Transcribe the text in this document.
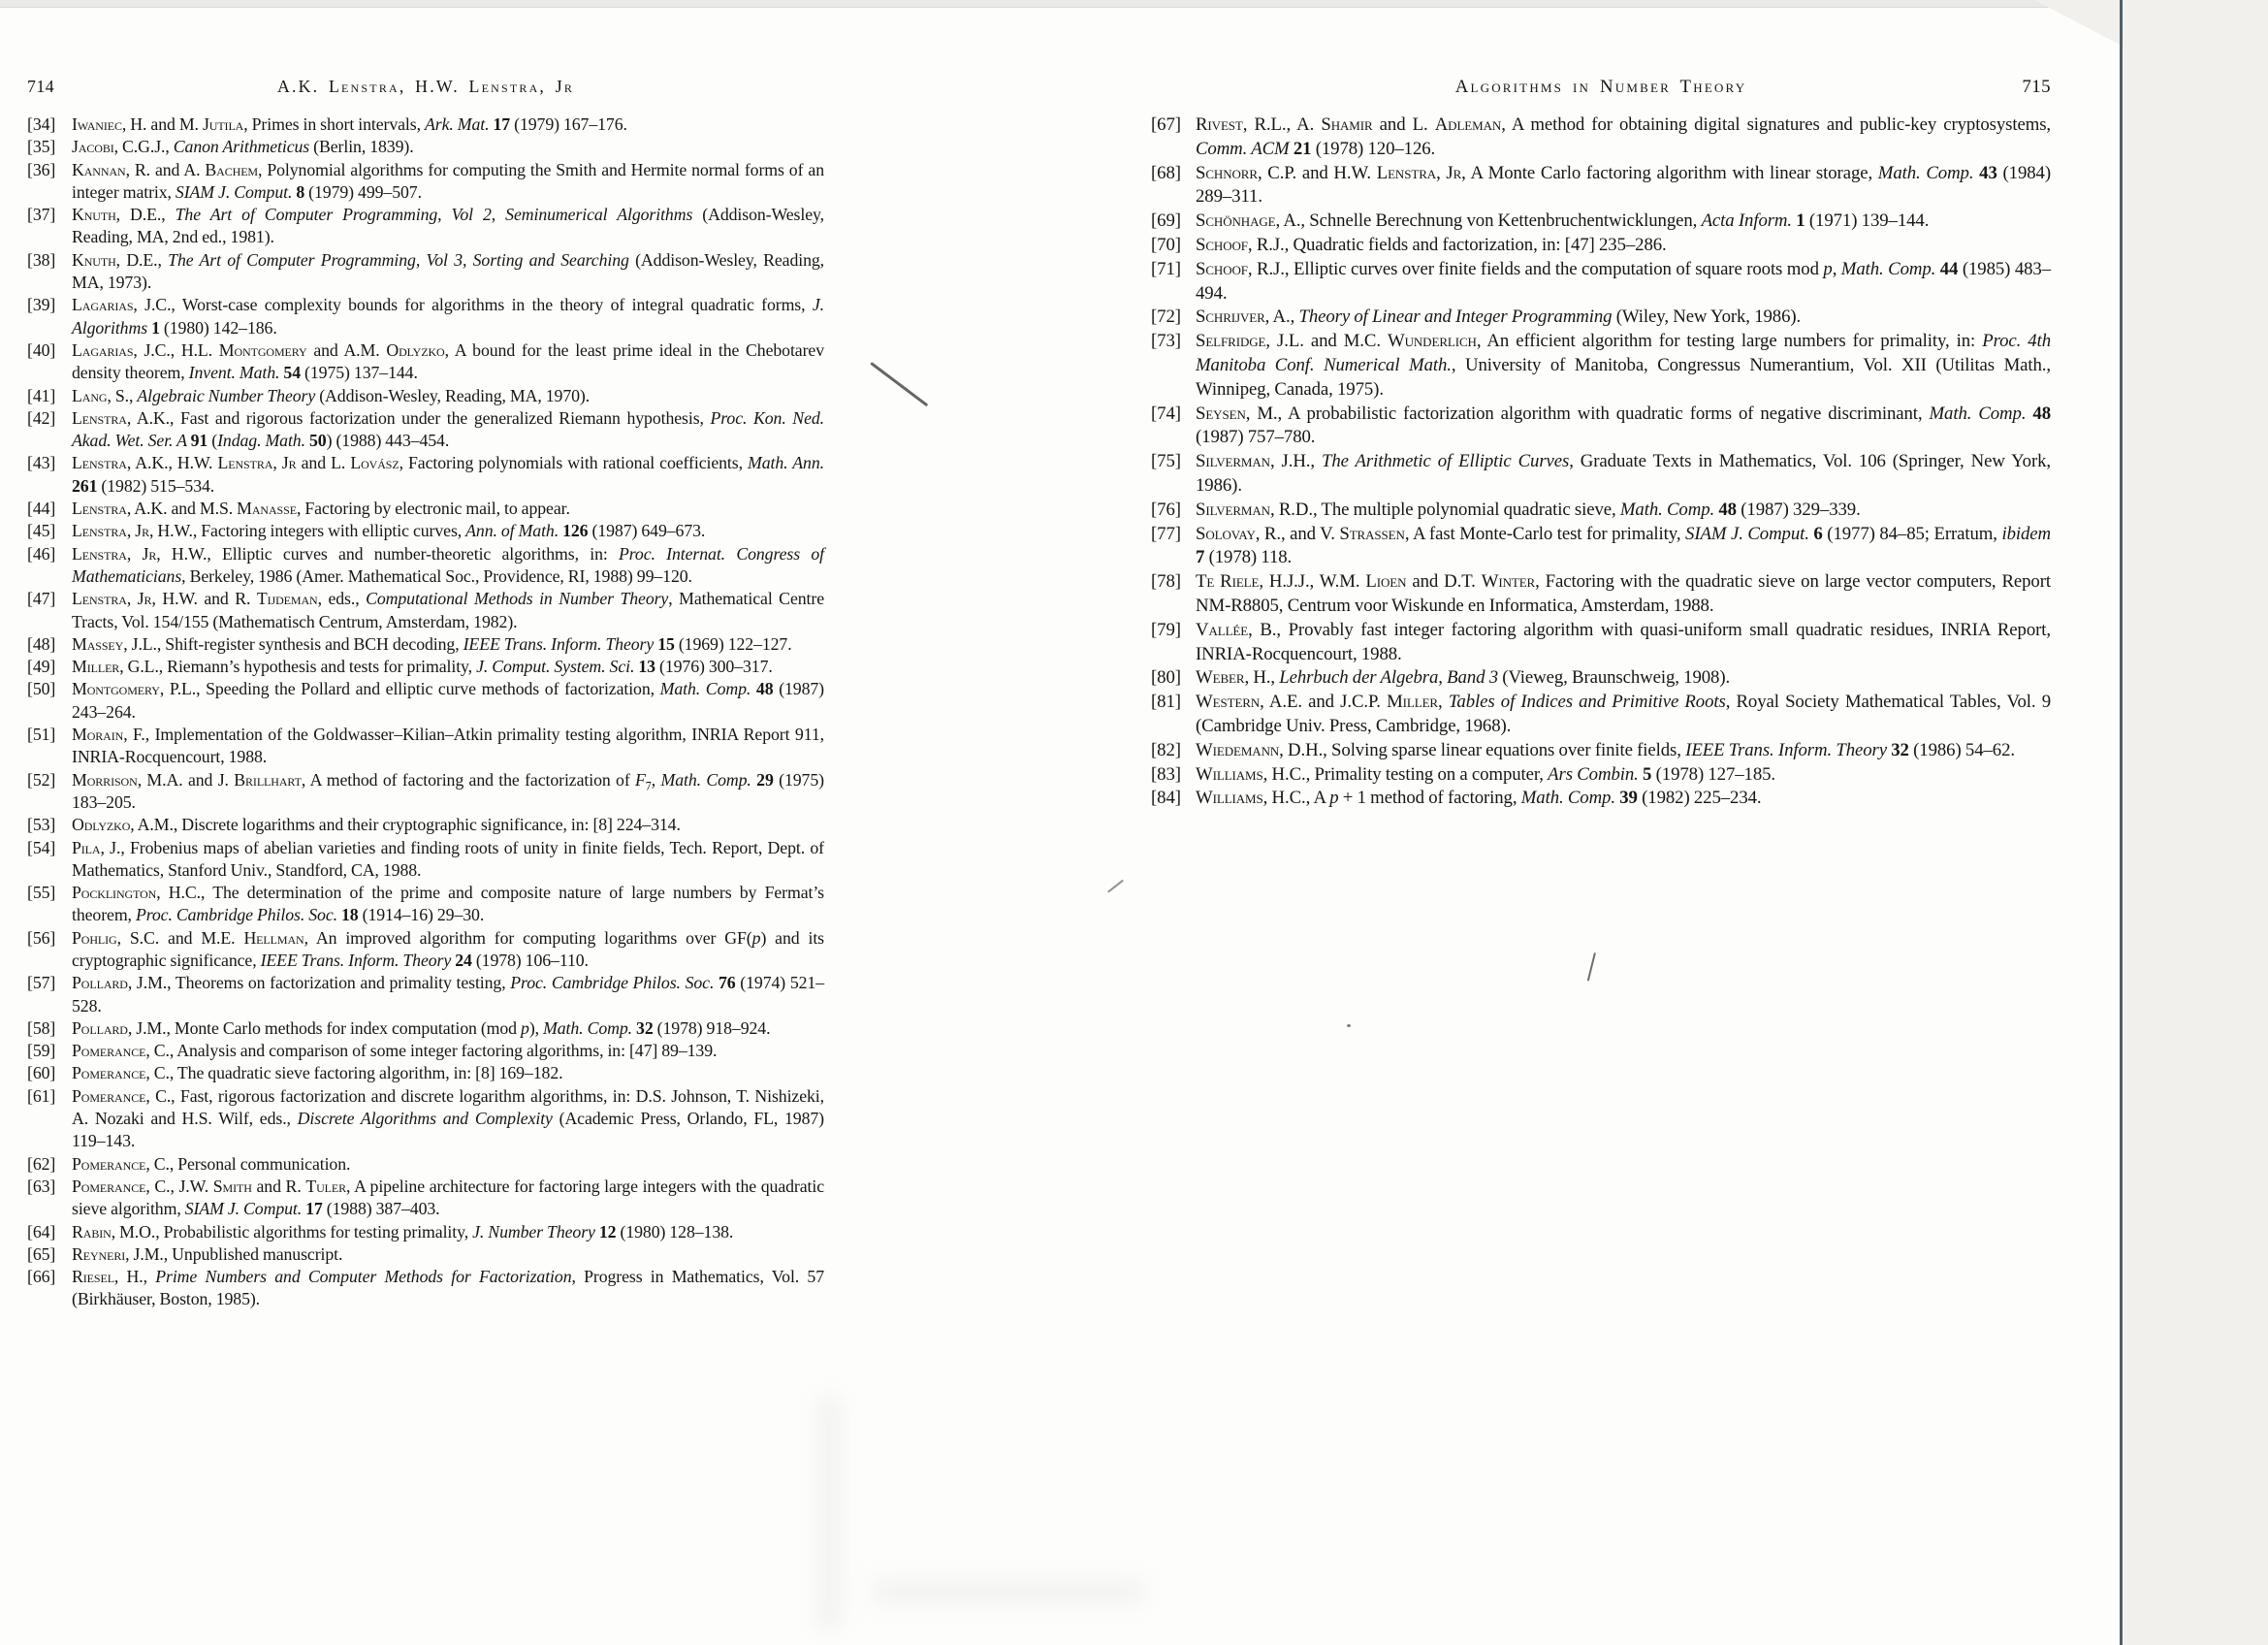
714	A.K. Lenstra, H.W. Lenstra, Jr
[34] Iwaniec, H. and M. Jutila, Primes in short intervals, Ark. Mat. 17 (1979) 167–176.
[35] Jacobi, C.G.J., Canon Arithmeticus (Berlin, 1839).
[36] Kannan, R. and A. Bachem, Polynomial algorithms for computing the Smith and Hermite normal forms of an integer matrix, SIAM J. Comput. 8 (1979) 499–507.
[37] Knuth, D.E., The Art of Computer Programming, Vol 2, Seminumerical Algorithms (Addison-Wesley, Reading, MA, 2nd ed., 1981).
[38] Knuth, D.E., The Art of Computer Programming, Vol 3, Sorting and Searching (Addison-Wesley, Reading, MA, 1973).
[39] Lagarias, J.C., Worst-case complexity bounds for algorithms in the theory of integral quadratic forms, J. Algorithms 1 (1980) 142–186.
[40] Lagarias, J.C., H.L. Montgomery and A.M. Odlyzko, A bound for the least prime ideal in the Chebotarev density theorem, Invent. Math. 54 (1975) 137–144.
[41] Lang, S., Algebraic Number Theory (Addison-Wesley, Reading, MA, 1970).
[42] Lenstra, A.K., Fast and rigorous factorization under the generalized Riemann hypothesis, Proc. Kon. Ned. Akad. Wet. Ser. A 91 (Indag. Math. 50) (1988) 443–454.
[43] Lenstra, A.K., H.W. Lenstra, Jr and L. Lovász, Factoring polynomials with rational coefficients, Math. Ann. 261 (1982) 515–534.
[44] Lenstra, A.K. and M.S. Manasse, Factoring by electronic mail, to appear.
[45] Lenstra, Jr, H.W., Factoring integers with elliptic curves, Ann. of Math. 126 (1987) 649–673.
[46] Lenstra, Jr, H.W., Elliptic curves and number-theoretic algorithms, in: Proc. Internat. Congress of Mathematicians, Berkeley, 1986 (Amer. Mathematical Soc., Providence, RI, 1988) 99–120.
[47] Lenstra, Jr, H.W. and R. Tijdeman, eds., Computational Methods in Number Theory, Mathematical Centre Tracts, Vol. 154/155 (Mathematisch Centrum, Amsterdam, 1982).
[48] Massey, J.L., Shift-register synthesis and BCH decoding, IEEE Trans. Inform. Theory 15 (1969) 122–127.
[49] Miller, G.L., Riemann’s hypothesis and tests for primality, J. Comput. System. Sci. 13 (1976) 300–317.
[50] Montgomery, P.L., Speeding the Pollard and elliptic curve methods of factorization, Math. Comp. 48 (1987) 243–264.
[51] Morain, F., Implementation of the Goldwasser–Kilian–Atkin primality testing algorithm, INRIA Report 911, INRIA-Rocquencourt, 1988.
[52] Morrison, M.A. and J. Brillhart, A method of factoring and the factorization of $F_7$, Math. Comp. 29 (1975) 183–205.
[53] Odlyzko, A.M., Discrete logarithms and their cryptographic significance, in: [8] 224–314.
[54] Pila, J., Frobenius maps of abelian varieties and finding roots of unity in finite fields, Tech. Report, Dept. of Mathematics, Stanford Univ., Standford, CA, 1988.
[55] Pocklington, H.C., The determination of the prime and composite nature of large numbers by Fermat’s theorem, Proc. Cambridge Philos. Soc. 18 (1914–16) 29–30.
[56] Pohlig, S.C. and M.E. Hellman, An improved algorithm for computing logarithms over GF(p) and its cryptographic significance, IEEE Trans. Inform. Theory 24 (1978) 106–110.
[57] Pollard, J.M., Theorems on factorization and primality testing, Proc. Cambridge Philos. Soc. 76 (1974) 521–528.
[58] Pollard, J.M., Monte Carlo methods for index computation (mod p), Math. Comp. 32 (1978) 918–924.
[59] Pomerance, C., Analysis and comparison of some integer factoring algorithms, in: [47] 89–139.
[60] Pomerance, C., The quadratic sieve factoring algorithm, in: [8] 169–182.
[61] Pomerance, C., Fast, rigorous factorization and discrete logarithm algorithms, in: D.S. Johnson, T. Nishizeki, A. Nozaki and H.S. Wilf, eds., Discrete Algorithms and Complexity (Academic Press, Orlando, FL, 1987) 119–143.
[62] Pomerance, C., Personal communication.
[63] Pomerance, C., J.W. Smith and R. Tuler, A pipeline architecture for factoring large integers with the quadratic sieve algorithm, SIAM J. Comput. 17 (1988) 387–403.
[64] Rabin, M.O., Probabilistic algorithms for testing primality, J. Number Theory 12 (1980) 128–138.
[65] Reyneri, J.M., Unpublished manuscript.
[66] Riesel, H., Prime Numbers and Computer Methods for Factorization, Progress in Mathematics, Vol. 57 (Birkhäuser, Boston, 1985).
Algorithms in Number Theory	715
[67] Rivest, R.L., A. Shamir and L. Adleman, A method for obtaining digital signatures and public-key cryptosystems, Comm. ACM 21 (1978) 120–126.
[68] Schnorr, C.P. and H.W. Lenstra, Jr, A Monte Carlo factoring algorithm with linear storage, Math. Comp. 43 (1984) 289–311.
[69] Schönhage, A., Schnelle Berechnung von Kettenbruchentwicklungen, Acta Inform. 1 (1971) 139–144.
[70] Schoof, R.J., Quadratic fields and factorization, in: [47] 235–286.
[71] Schoof, R.J., Elliptic curves over finite fields and the computation of square roots mod p, Math. Comp. 44 (1985) 483–494.
[72] Schrijver, A., Theory of Linear and Integer Programming (Wiley, New York, 1986).
[73] Selfridge, J.L. and M.C. Wunderlich, An efficient algorithm for testing large numbers for primality, in: Proc. 4th Manitoba Conf. Numerical Math., University of Manitoba, Congressus Numerantium, Vol. XII (Utilitas Math., Winnipeg, Canada, 1975).
[74] Seysen, M., A probabilistic factorization algorithm with quadratic forms of negative discriminant, Math. Comp. 48 (1987) 757–780.
[75] Silverman, J.H., The Arithmetic of Elliptic Curves, Graduate Texts in Mathematics, Vol. 106 (Springer, New York, 1986).
[76] Silverman, R.D., The multiple polynomial quadratic sieve, Math. Comp. 48 (1987) 329–339.
[77] Solovay, R., and V. Strassen, A fast Monte-Carlo test for primality, SIAM J. Comput. 6 (1977) 84–85; Erratum, ibidem 7 (1978) 118.
[78] Te Riele, H.J.J., W.M. Lioen and D.T. Winter, Factoring with the quadratic sieve on large vector computers, Report NM-R8805, Centrum voor Wiskunde en Informatica, Amsterdam, 1988.
[79] Vallée, B., Provably fast integer factoring algorithm with quasi-uniform small quadratic residues, INRIA Report, INRIA-Rocquencourt, 1988.
[80] Weber, H., Lehrbuch der Algebra, Band 3 (Vieweg, Braunschweig, 1908).
[81] Western, A.E. and J.C.P. Miller, Tables of Indices and Primitive Roots, Royal Society Mathematical Tables, Vol. 9 (Cambridge Univ. Press, Cambridge, 1968).
[82] Wiedemann, D.H., Solving sparse linear equations over finite fields, IEEE Trans. Inform. Theory 32 (1986) 54–62.
[83] Williams, H.C., Primality testing on a computer, Ars Combin. 5 (1978) 127–185.
[84] Williams, H.C., A p + 1 method of factoring, Math. Comp. 39 (1982) 225–234.
